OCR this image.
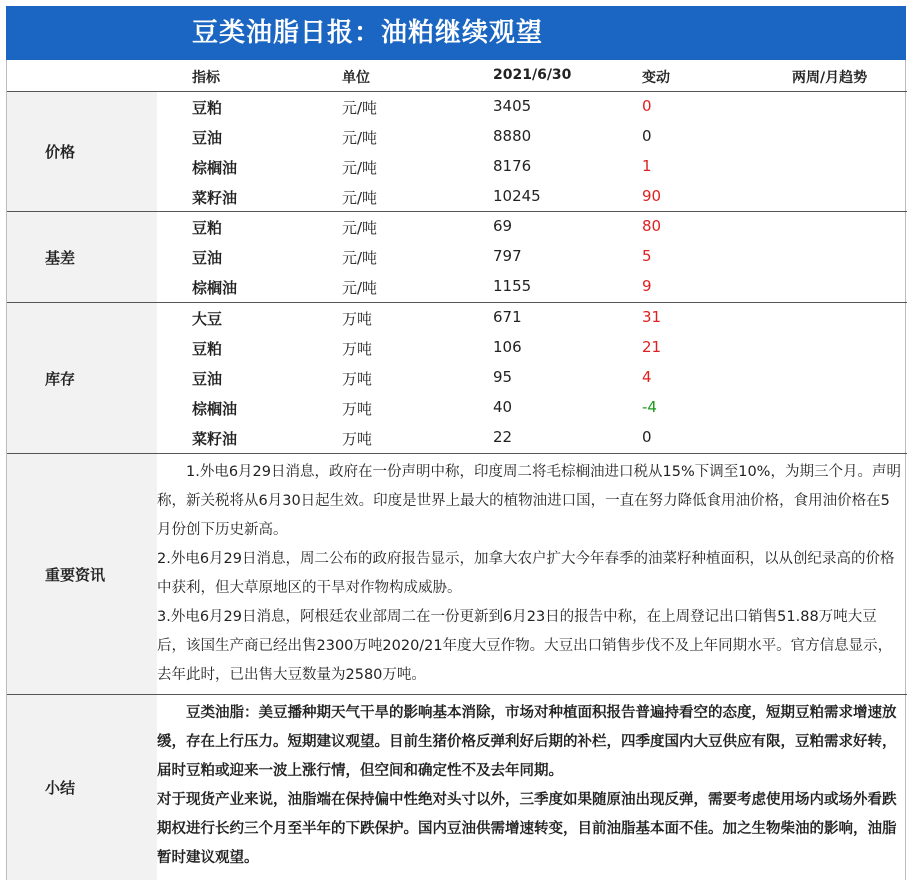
豆类油脂日报：油粕继续观望
指标	单位	2021/6/30	变动	两周/月趋势
价格
豆粕	元/吨	3405	0
豆油	元/吨	8880	0
棕榈油	元/吨	8176	1
菜籽油	元/吨	10245	90
基差
豆粕	元/吨	69	80
豆油	元/吨	797	5
棕榈油	元/吨	1155	9
库存
大豆	万吨	671	31
豆粕	万吨	106	21
豆油	万吨	95	4
棕榈油	万吨	40	-4
菜籽油	万吨	22	0
重要资讯

　　1.外电6月29日消息，政府在一份声明中称，印度周二将毛棕榈油进口税从15%下调至10%，为期三个月。声明称，新关税将从6月30日起生效。印度是世界上最大的植物油进口国，一直在努力降低食用油价格，食用油价格在5月份创下历史新高。

2.外电6月29日消息，周二公布的政府报告显示，加拿大农户扩大今年春季的油菜籽种植面积，以从创纪录高的价格中获利，但大草原地区的干旱对作物构成威胁。

3.外电6月29日消息，阿根廷农业部周二在一份更新到6月23日的报告中称，在上周登记出口销售51.88万吨大豆后，该国生产商已经出售2300万吨2020/21年度大豆作物。大豆出口销售步伐不及上年同期水平。官方信息显示，去年此时，已出售大豆数量为2580万吨。

小结

　　豆类油脂：美豆播种期天气干旱的影响基本消除，市场对种植面积报告普遍持看空的态度，短期豆粕需求增速放缓，存在上行压力。短期建议观望。目前生猪价格反弹利好后期的补栏，四季度国内大豆供应有限，豆粕需求好转，届时豆粕或迎来一波上涨行情，但空间和确定性不及去年同期。

对于现货产业来说，油脂端在保持偏中性绝对头寸以外，三季度如果随原油出现反弹，需要考虑使用场内或场外看跌期权进行长约三个月至半年的下跌保护。国内豆油供需增速转变，目前油脂基本面不佳。加之生物柴油的影响，油脂暂时建议观望。
